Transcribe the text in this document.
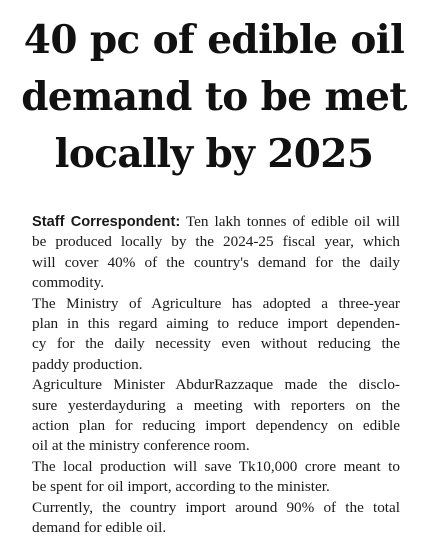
40 pc of edible oil
demand to be met
locally by 2025
Staff Correspondent: Ten lakh tonnes of edible oil will
be produced locally by the 2024-25 fiscal year, which
will cover 40% of the country's demand for the daily
commodity.
The Ministry of Agriculture has adopted a three-year
plan in this regard aiming to reduce import dependen-
cy for the daily necessity even without reducing the
paddy production.
Agriculture Minister AbdurRazzaque made the disclo-
sure yesterdayduring a meeting with reporters on the
action plan for reducing import dependency on edible
oil at the ministry conference room.
The local production will save Tk10,000 crore meant to
be spent for oil import, according to the minister.
Currently, the country import around 90% of the total
demand for edible oil.
